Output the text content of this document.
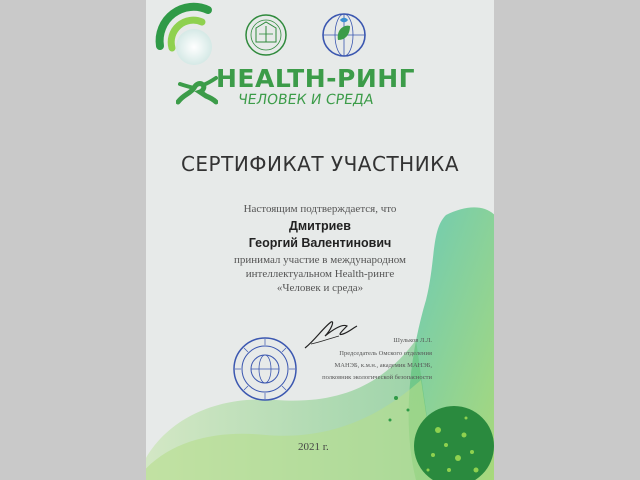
HEALTH-РИНГ
ЧЕЛОВЕК И СРЕДА
СЕРТИФИКАТ УЧАСТНИКА
Настоящим подтверждается, что
Дмитриев
Георгий Валентинович
принимал участие в международном
интеллектуальном Health-ринге
«Человек и среда»
Шульков Л.Л.
Председатель Омского отделения
МАНЭБ, к.м.н., академик МАНЭБ,
полковник экологической безопасности
2021 г.
